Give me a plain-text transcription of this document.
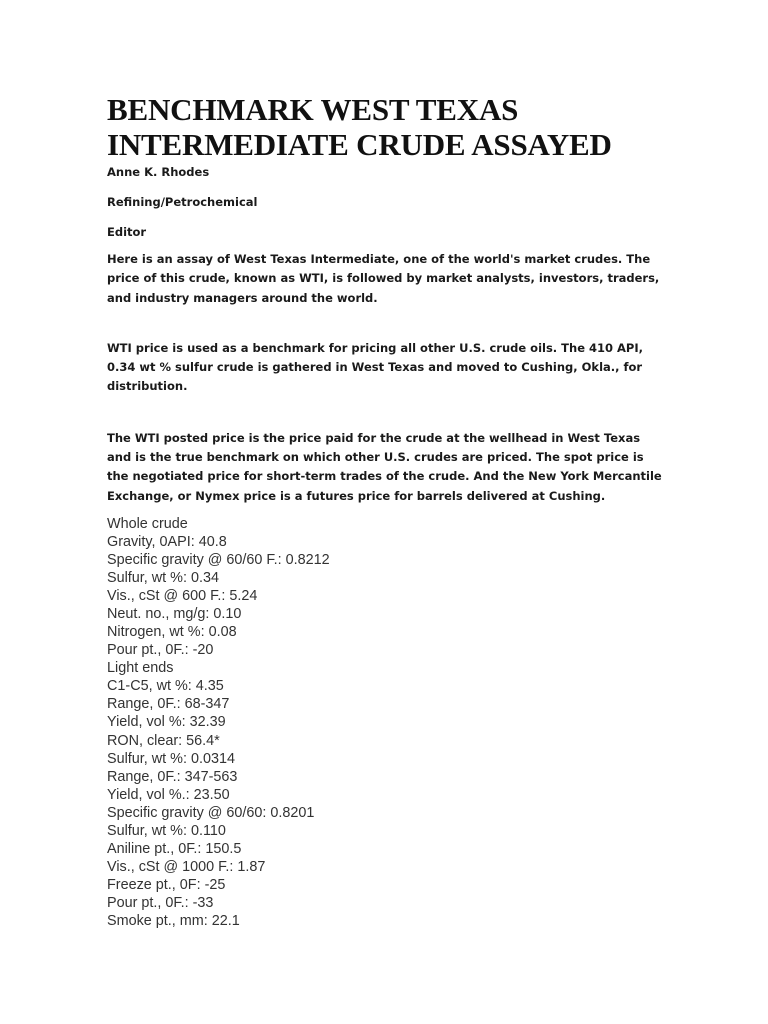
BENCHMARK WEST TEXAS INTERMEDIATE CRUDE ASSAYED

Anne K. Rhodes

Refining/Petrochemical

Editor

Here is an assay of West Texas Intermediate, one of the world's market crudes. The price of this crude, known as WTI, is followed by market analysts, investors, traders, and industry managers around the world.

WTI price is used as a benchmark for pricing all other U.S. crude oils. The 410 API, 0.34 wt % sulfur crude is gathered in West Texas and moved to Cushing, Okla., for distribution.

The WTI posted price is the price paid for the crude at the wellhead in West Texas and is the true benchmark on which other U.S. crudes are priced. The spot price is the negotiated price for short-term trades of the crude. And the New York Mercantile Exchange, or Nymex price is a futures price for barrels delivered at Cushing.

Whole crude
Gravity, 0API: 40.8
Specific gravity @ 60/60 F.: 0.8212
Sulfur, wt %: 0.34
Vis., cSt @ 600 F.: 5.24
Neut. no., mg/g: 0.10
Nitrogen, wt %: 0.08
Pour pt., 0F.: -20
Light ends
C1-C5, wt %: 4.35
Range, 0F.: 68-347
Yield, vol %: 32.39
RON, clear: 56.4*
Sulfur, wt %: 0.0314
Range, 0F.: 347-563
Yield, vol %.: 23.50
Specific gravity @ 60/60: 0.8201
Sulfur, wt %: 0.110
Aniline pt., 0F.: 150.5
Vis., cSt @ 1000 F.: 1.87
Freeze pt., 0F: -25
Pour pt., 0F.: -33
Smoke pt., mm: 22.1
